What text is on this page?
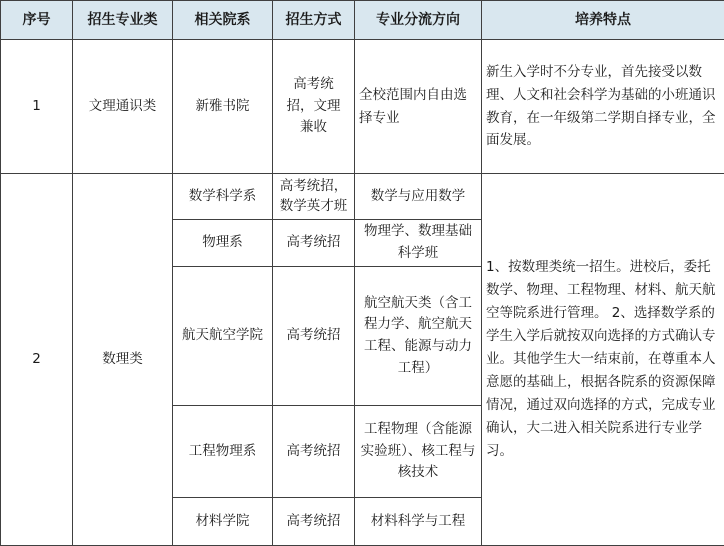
序号	招生专业类	相关院系	招生方式	专业分流方向	培养特点
1	文理通识类	新雅书院	高考统招，文理兼收	全校范围内自由选择专业	新生入学时不分专业，首先接受以数理、人文和社会科学为基础的小班通识教育，在一年级第二学期自择专业，全面发展。
2	数理类	数学科学系	高考统招，数学英才班	数学与应用数学	1、按数理类统一招生。进校后，委托数学、物理、工程物理、材料、航天航空等院系进行管理。 2、选择数学系的学生入学后就按双向选择的方式确认专业。其他学生大一结束前，在尊重本人意愿的基础上，根据各院系的资源保障情况，通过双向选择的方式，完成专业确认，大二进入相关院系进行专业学习。
		物理系	高考统招	物理学、数理基础科学班	
		航天航空学院	高考统招	航空航天类（含工程力学、航空航天工程、能源与动力工程）	
		工程物理系	高考统招	工程物理（含能源实验班）、核工程与核技术	
		材料学院	高考统招	材料科学与工程	
